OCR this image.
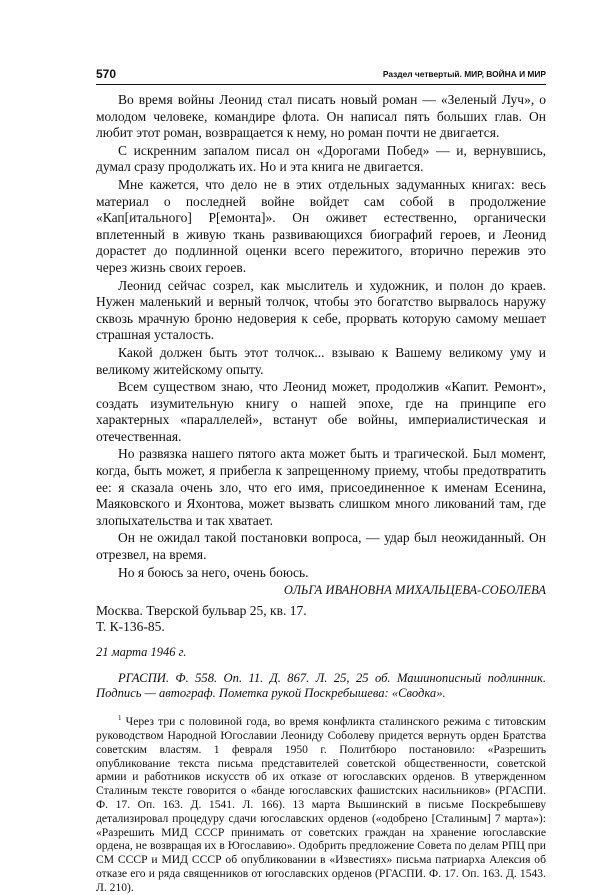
570	Раздел четвертый. МИР, ВОЙНА И МИР

Во время войны Леонид стал писать новый роман — «Зеленый Луч», о молодом человеке, командире флота. Он написал пять больших глав. Он любит этот роман, возвращается к нему, но роман почти не двигается.

С искренним запалом писал он «Дорогами Побед» — и, вернувшись, думал сразу продолжать их. Но и эта книга не двигается.

Мне кажется, что дело не в этих отдельных задуманных книгах: весь материал о последней войне войдет сам собой в продолжение «Кап[итального] Р[емонта]». Он оживет естественно, органически вплетенный в живую ткань развивающихся биографий героев, и Леонид дорастет до подлинной оценки всего пережитого, вторично пережив это через жизнь своих героев.

Леонид сейчас созрел, как мыслитель и художник, и полон до краев. Нужен маленький и верный толчок, чтобы это богатство вырвалось наружу сквозь мрачную броню недоверия к себе, прорвать которую самому мешает страшная усталость.

Какой должен быть этот толчок... взываю к Вашему великому уму и великому житейскому опыту.

Всем существом знаю, что Леонид может, продолжив «Капит. Ремонт», создать изумительную книгу о нашей эпохе, где на принципе его характерных «параллелей», встанут обе войны, империалистическая и отечественная.

Но развязка нашего пятого акта может быть и трагической. Был момент, когда, быть может, я прибегла к запрещенному приему, чтобы предотвратить ее: я сказала очень зло, что его имя, присоединенное к именам Есенина, Маяковского и Яхонтова, может вызвать слишком много ликований там, где злопыхательства и так хватает.

Он не ожидал такой постановки вопроса, — удар был неожиданный. Он отрезвел, на время.

Но я боюсь за него, очень боюсь.

ОЛЬГА ИВАНОВНА МИХАЛЬЦЕВА-СОБОЛЕВА
Москва. Тверской бульвар 25, кв. 17.
Т. К-136-85.
21 марта 1946 г.
РГАСПИ. Ф. 558. Оп. 11. Д. 867. Л. 25, 25 об. Машинописный подлинник. Подпись — автограф. Пометка рукой Поскребышева: «Сводка».
$^1$ Через три с половиной года, во время конфликта сталинского режима с титовским руководством Народной Югославии Леониду Соболеву придется вернуть орден Братства советским властям. 1 февраля 1950 г. Политбюро постановило: «Разрешить опубликование текста письма представителей советской общественности, советской армии и работников искусств об их отказе от югославских орденов. В утвержденном Сталиным тексте говорится о «банде югославских фашистских насильников» (РГАСПИ. Ф. 17. Оп. 163. Д. 1541. Л. 166). 13 марта Вышинский в письме Поскребышеву детализировал процедуру сдачи югославских орденов («одобрено [Сталиным] 7 марта»): «Разрешить МИД СССР принимать от советских граждан на хранение югославские ордена, не возвращая их в Югославию». Одобрить предложение Совета по делам РПЦ при СМ СССР и МИД СССР об опубликовании в «Известиях» письма патриарха Алексия об отказе его и ряда священников от югославских орденов (РГАСПИ. Ф. 17. Оп. 163. Д. 1543. Л. 210).
